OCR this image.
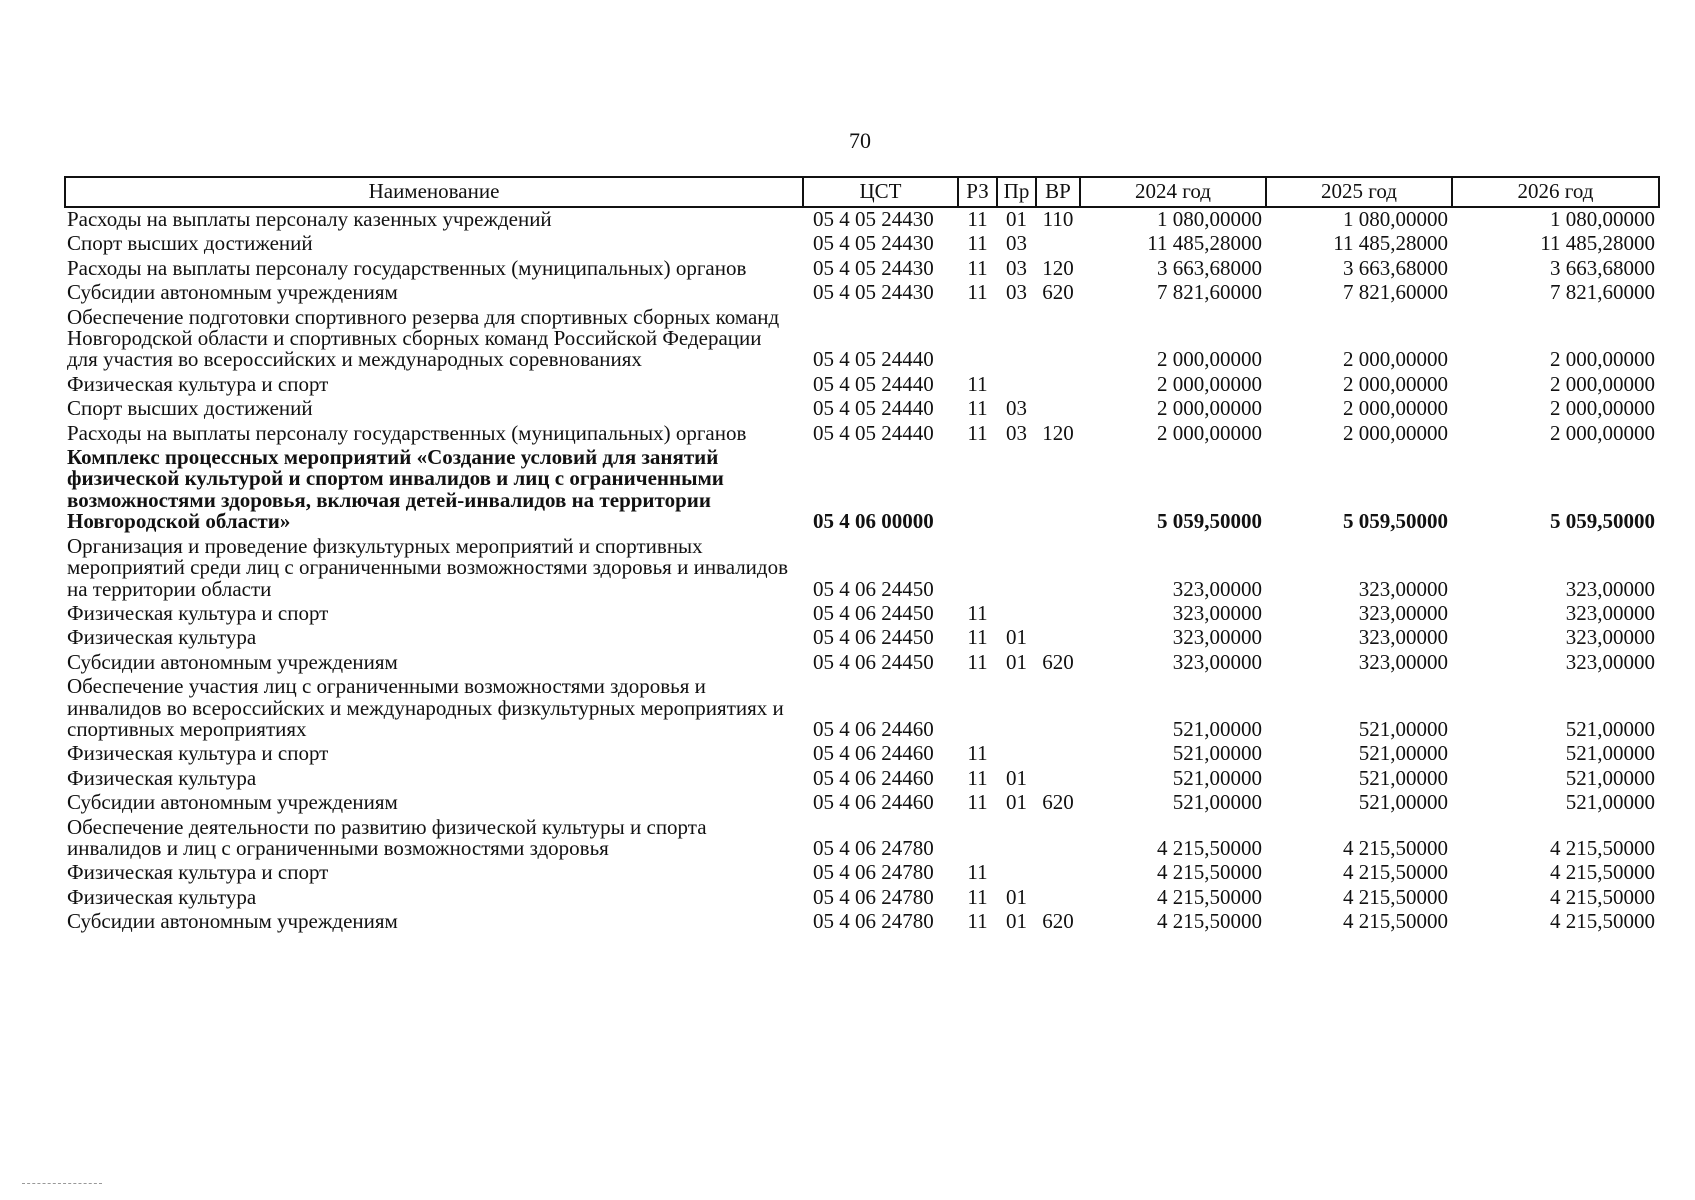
70
Наименование	ЦСТ	РЗ	Пр	ВР	2024 год	2025 год	2026 год
Расходы на выплаты персоналу казенных учреждений	05 4 05 24430	11	01	110	1 080,00000	1 080,00000	1 080,00000
Спорт высших достижений	05 4 05 24430	11	03		11 485,28000	11 485,28000	11 485,28000
Расходы на выплаты персоналу государственных (муниципальных) органов	05 4 05 24430	11	03	120	3 663,68000	3 663,68000	3 663,68000
Субсидии автономным учреждениям	05 4 05 24430	11	03	620	7 821,60000	7 821,60000	7 821,60000
Обеспечение подготовки спортивного резерва для спортивных сборных команд Новгородской области и спортивных сборных команд Российской Федерации для участия во всероссийских и международных соревнованиях	05 4 05 24440				2 000,00000	2 000,00000	2 000,00000
Физическая культура и спорт	05 4 05 24440	11			2 000,00000	2 000,00000	2 000,00000
Спорт высших достижений	05 4 05 24440	11	03		2 000,00000	2 000,00000	2 000,00000
Расходы на выплаты персоналу государственных (муниципальных) органов	05 4 05 24440	11	03	120	2 000,00000	2 000,00000	2 000,00000
Комплекс процессных мероприятий «Создание условий для занятий физической культурой и спортом инвалидов и лиц с ограниченными возможностями здоровья, включая детей-инвалидов на территории Новгородской области»	05 4 06 00000				5 059,50000	5 059,50000	5 059,50000
Организация и проведение физкультурных мероприятий и спортивных мероприятий среди лиц с ограниченными возможностями здоровья и инвалидов на территории области	05 4 06 24450				323,00000	323,00000	323,00000
Физическая культура и спорт	05 4 06 24450	11			323,00000	323,00000	323,00000
Физическая культура	05 4 06 24450	11	01		323,00000	323,00000	323,00000
Субсидии автономным учреждениям	05 4 06 24450	11	01	620	323,00000	323,00000	323,00000
Обеспечение участия лиц с ограниченными возможностями здоровья и инвалидов во всероссийских и международных физкультурных мероприятиях и спортивных мероприятиях	05 4 06 24460				521,00000	521,00000	521,00000
Физическая культура и спорт	05 4 06 24460	11			521,00000	521,00000	521,00000
Физическая культура	05 4 06 24460	11	01		521,00000	521,00000	521,00000
Субсидии автономным учреждениям	05 4 06 24460	11	01	620	521,00000	521,00000	521,00000
Обеспечение деятельности по развитию физической культуры и спорта инвалидов и лиц с ограниченными возможностями здоровья	05 4 06 24780				4 215,50000	4 215,50000	4 215,50000
Физическая культура и спорт	05 4 06 24780	11			4 215,50000	4 215,50000	4 215,50000
Физическая культура	05 4 06 24780	11	01		4 215,50000	4 215,50000	4 215,50000
Субсидии автономным учреждениям	05 4 06 24780	11	01	620	4 215,50000	4 215,50000	4 215,50000
